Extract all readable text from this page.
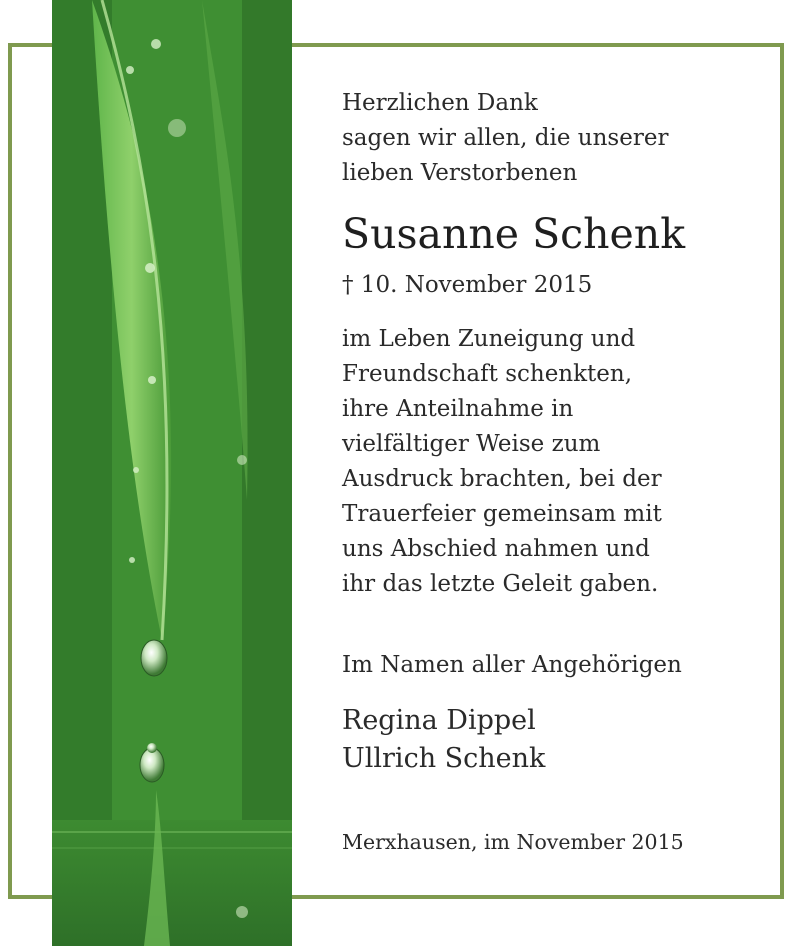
Herzlichen Dank
sagen wir allen, die unserer
lieben Verstorbenen
Susanne Schenk
† 10. November 2015
im Leben Zuneigung und
Freundschaft schenkten,
ihre Anteilnahme in
vielfältiger Weise zum
Ausdruck brachten, bei der
Trauerfeier gemeinsam mit
uns Abschied nahmen und
ihr das letzte Geleit gaben.
Im Namen aller Angehörigen
Regina Dippel
Ullrich Schenk
Merxhausen, im November 2015
